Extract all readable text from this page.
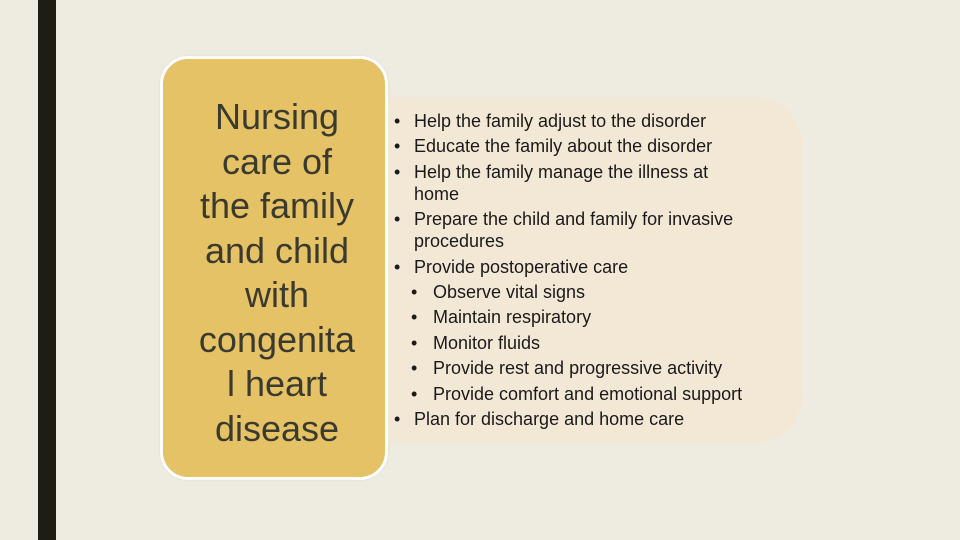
Nursing
care of
the family
and child
with
congenita
l heart
disease
• Help the family adjust to the disorder
• Educate the family about the disorder
• Help the family manage the illness at
home
• Prepare the child and family for invasive
procedures
• Provide postoperative care
• Observe vital signs
• Maintain respiratory
• Monitor fluids
• Provide rest and progressive activity
• Provide comfort and emotional support
• Plan for discharge and home care
